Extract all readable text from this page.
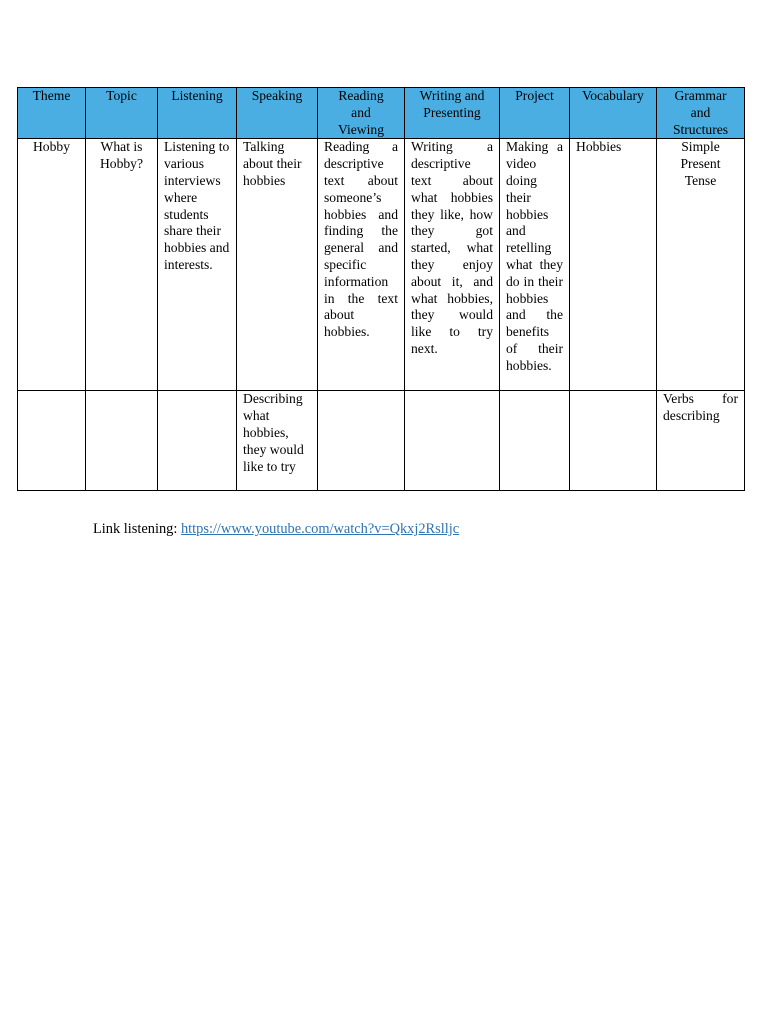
Theme	Topic	Listening	Speaking	Reading and Viewing	Writing and Presenting	Project	Vocabulary	Grammar and Structures
Hobby	What is Hobby?	Listening to various interviews where students share their hobbies and interests.	Talking about their hobbies	Reading a descriptive text about someone’s hobbies and finding the general and specific information in the text about hobbies.	Writing a descriptive text about what hobbies they like, how they got started, what they enjoy about it, and what hobbies, they would like to try next.	Making a video doing their hobbies and retelling what they do in their hobbies and the benefits of their hobbies.	Hobbies	Simple Present Tense
			Describing what hobbies, they would like to try					Verbs for describing
Link listening: https://www.youtube.com/watch?v=Qkxj2Rslljc
